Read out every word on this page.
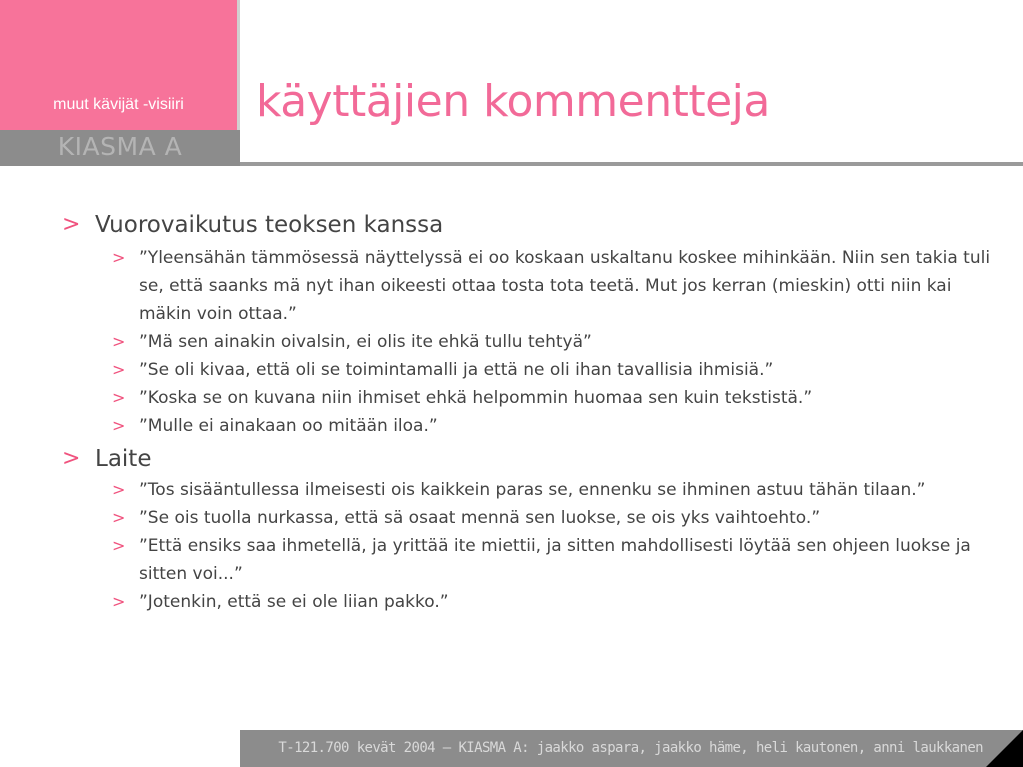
muut kävijät -visiiri
KIASMA A
käyttäjien kommentteja
> Vuorovaikutus teoksen kanssa
> ”Yleensähän tämmösessä näyttelyssä ei oo koskaan uskaltanu koskee mihinkään. Niin sen takia tuli se, että saanks mä nyt ihan oikeesti ottaa tosta tota teetä. Mut jos kerran (mieskin) otti niin kai mäkin voin ottaa.”
> ”Mä sen ainakin oivalsin, ei olis ite ehkä tullu tehtyä”
> ”Se oli kivaa, että oli se toimintamalli ja että ne oli ihan tavallisia ihmisiä.”
> ”Koska se on kuvana niin ihmiset ehkä helpommin huomaa sen kuin tekstistä.”
> ”Mulle ei ainakaan oo mitään iloa.”
> Laite
> ”Tos sisääntullessa ilmeisesti ois kaikkein paras se, ennenku se ihminen astuu tähän tilaan.”
> ”Se ois tuolla nurkassa, että sä osaat mennä sen luokse, se ois yks vaihtoehto.”
> ”Että ensiks saa ihmetellä, ja yrittää ite miettii, ja sitten mahdollisesti löytää sen ohjeen luokse ja sitten voi...”
> ”Jotenkin, että se ei ole liian pakko.”
T-121.700 kevät 2004 — KIASMA A: jaakko aspara, jaakko häme, heli kautonen, anni laukkanen
